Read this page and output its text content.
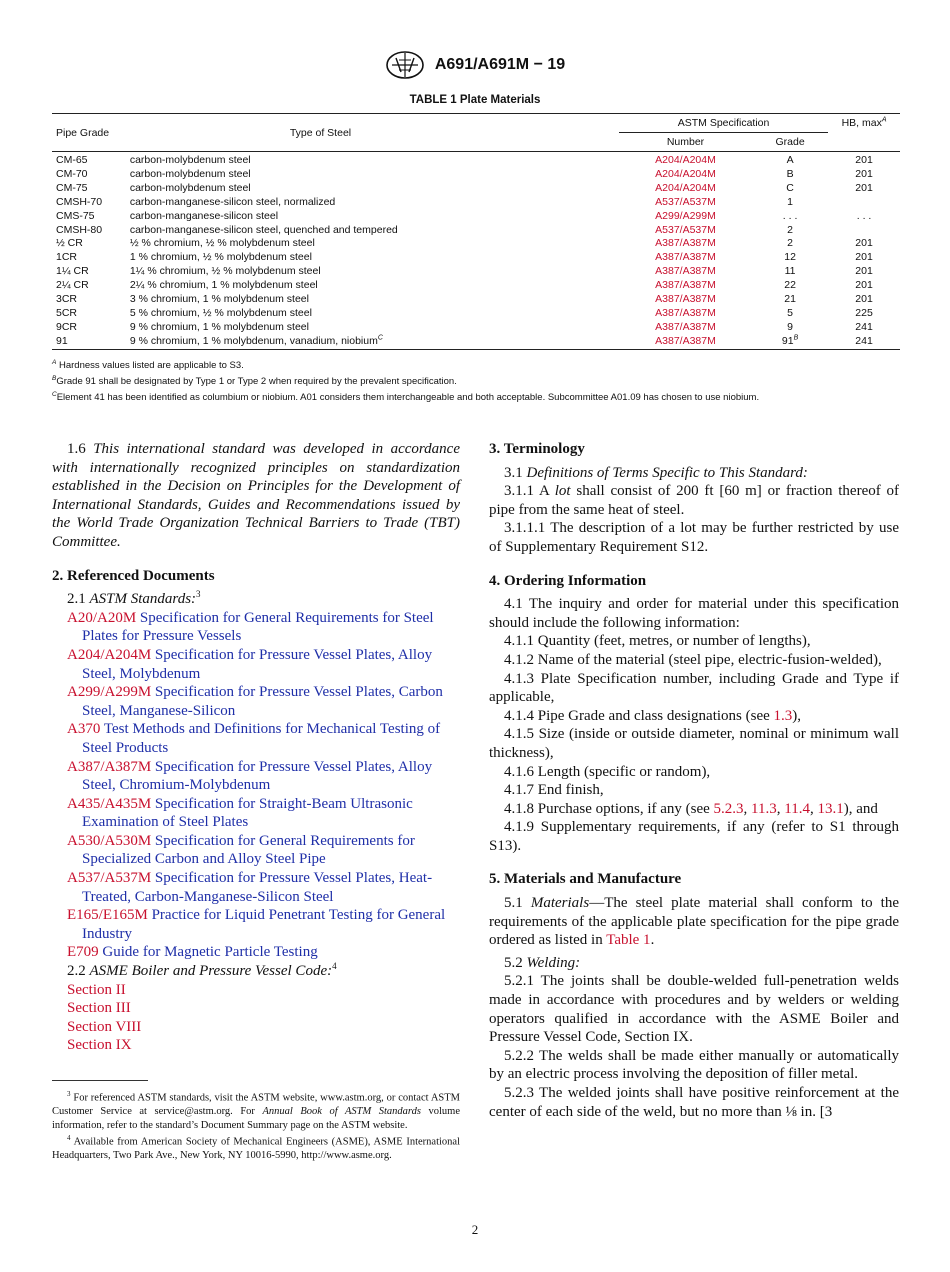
A691/A691M − 19
TABLE 1 Plate Materials
Pipe Grade	Type of Steel	ASTM Specification		HB, $\max^A$
		Number	Grade	
CM-65	carbon-molybdenum steel	A204/A204M	A	201
CM-70	carbon-molybdenum steel	A204/A204M	B	201
CM-75	carbon-molybdenum steel	A204/A204M	C	201
CMSH-70	carbon-manganese-silicon steel, normalized	A537/A537M	1	
CMS-75	carbon-manganese-silicon steel	A299/A299M	. . .	. . .
CMSH-80	carbon-manganese-silicon steel, quenched and tempered	A537/A537M	2	
½ CR	½ % chromium, ½ % molybdenum steel	A387/A387M	2	201
1CR	1 % chromium, ½ % molybdenum steel	A387/A387M	12	201
1¼ CR	1¼ % chromium, ½ % molybdenum steel	A387/A387M	11	201
2¼ CR	2¼ % chromium, 1 % molybdenum steel	A387/A387M	22	201
3CR	3 % chromium, 1 % molybdenum steel	A387/A387M	21	201
5CR	5 % chromium, ½ % molybdenum steel	A387/A387M	5	225
9CR	9 % chromium, 1 % molybdenum steel	A387/A387M	9	241
91	9 % chromium, 1 % molybdenum, vanadium, niobium$^C$	A387/A387M	$91^B$	241
$^A$ Hardness values listed are applicable to S3.
$^B$Grade 91 shall be designated by Type 1 or Type 2 when required by the prevalent specification.
$^C$Element 41 has been identified as columbium or niobium. A01 considers them interchangeable and both acceptable. Subcommittee A01.09 has chosen to use niobium.

1.6 This international standard was developed in accordance with internationally recognized principles on standardization established in the Decision on Principles for the Development of International Standards, Guides and Recommendations issued by the World Trade Organization Technical Barriers to Trade (TBT) Committee.

2. Referenced Documents

2.1 ASTM Standards:$^3$

A20/A20M Specification for General Requirements for Steel Plates for Pressure Vessels

A204/A204M Specification for Pressure Vessel Plates, Alloy Steel, Molybdenum

A299/A299M Specification for Pressure Vessel Plates, Carbon Steel, Manganese-Silicon

A370 Test Methods and Definitions for Mechanical Testing of Steel Products

A387/A387M Specification for Pressure Vessel Plates, Alloy Steel, Chromium-Molybdenum

A435/A435M Specification for Straight-Beam Ultrasonic Examination of Steel Plates

A530/A530M Specification for General Requirements for Specialized Carbon and Alloy Steel Pipe

A537/A537M Specification for Pressure Vessel Plates, Heat-Treated, Carbon-Manganese-Silicon Steel

E165/E165M Practice for Liquid Penetrant Testing for General Industry

E709 Guide for Magnetic Particle Testing

2.2 ASME Boiler and Pressure Vessel Code:$^4$

Section II

Section III

Section VIII

Section IX

$^3$ For referenced ASTM standards, visit the ASTM website, www.astm.org, or contact ASTM Customer Service at service@astm.org. For Annual Book of ASTM Standards volume information, refer to the standard’s Document Summary page on the ASTM website.

$^4$ Available from American Society of Mechanical Engineers (ASME), ASME International Headquarters, Two Park Ave., New York, NY 10016-5990, http://www.asme.org.

3. Terminology

3.1 Definitions of Terms Specific to This Standard:

3.1.1 A lot shall consist of 200 ft [60 m] or fraction thereof of pipe from the same heat of steel.

3.1.1.1 The description of a lot may be further restricted by use of Supplementary Requirement S12.

4. Ordering Information

4.1 The inquiry and order for material under this specification should include the following information:

4.1.1 Quantity (feet, metres, or number of lengths),

4.1.2 Name of the material (steel pipe, electric-fusion-welded),

4.1.3 Plate Specification number, including Grade and Type if applicable,

4.1.4 Pipe Grade and class designations (see 1.3),

4.1.5 Size (inside or outside diameter, nominal or minimum wall thickness),

4.1.6 Length (specific or random),

4.1.7 End finish,

4.1.8 Purchase options, if any (see 5.2.3, 11.3, 11.4, 13.1), and

4.1.9 Supplementary requirements, if any (refer to S1 through S13).

5. Materials and Manufacture

5.1 Materials—The steel plate material shall conform to the requirements of the applicable plate specification for the pipe grade ordered as listed in Table 1.

5.2 Welding:

5.2.1 The joints shall be double-welded full-penetration welds made in accordance with procedures and by welders or welding operators qualified in accordance with the ASME Boiler and Pressure Vessel Code, Section IX.

5.2.2 The welds shall be made either manually or automatically by an electric process involving the deposition of filler metal.

5.2.3 The welded joints shall have positive reinforcement at the center of each side of the weld, but no more than ⅛ in. [3

2
